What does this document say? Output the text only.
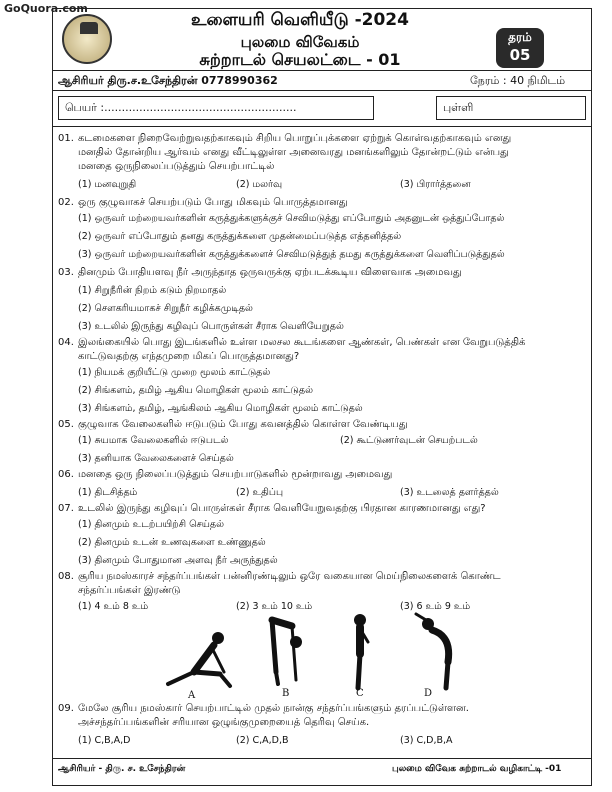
GoQuora.com
உளையரி வெளியீடு -2024
புலமை விவேகம்
சுற்றாடல் செயலட்டை - 01
தரம்
05
ஆசிரியர் திரு.ச.உசேந்திரன் 0778990362	நேரம் : 40 நிமிடம்
பெயர் :.......................................................	புள்ளி
01. கடமைகளை நிறைவேற்றுவதற்காகவும் சிறிய பொறுப்புக்களை ஏற்றுக் கொள்வதற்காகவும் எனது
மனதில் தோன்றிய ஆர்வம் எனது வீட்டிலுள்ள அனைவரது மனங்களிலும் தோன்றட்டும் என்பது
மனதை ஒருநிலைப்படுத்தும் செயற்பாட்டில்
(1) மனவுறுதி	(2) மலர்வு	(3) பிரார்த்தனை
02. ஒரு குழுவாகச் செயற்படும் போது மிகவும் பொருத்தமானது
(1) ஒருவர் மற்றையவர்களின் கருத்துக்களுக்குச் செவிமடுத்து எப்போதும் அதனுடன் ஒத்துப்போதல்
(2) ஒருவர் எப்போதும் தனது கருத்துக்களை முதன்மைப்படுத்த எத்தனித்தல்
(3) ஒருவர் மற்றையவர்களின் கருத்துக்களைச் செவிமடுத்துத் தமது கருத்துக்களை வெளிப்படுத்துதல்
03. தினமும் போதியளவு நீர் அருந்தாத ஒருவருக்கு ஏற்படக்கூடிய விளைவாக அமைவது
(1) சிறுநீரின் நிறம் கடும் நிறமாதல்
(2) சௌகரியமாகச் சிறுநீர் கழிக்கமுடிதல்
(3) உடலில் இருந்து கழிவுப் பொருள்கள் சீராக வெளியேறுதல்
04. இலங்கையில் பொது இடங்களில் உள்ள மலசல கூடங்களை ஆண்கள், பெண்கள் என வேறுபடுத்திக்
காட்டுவதற்கு எந்தமுறை மிகப் பொருத்தமானது?
(1) நியமக் குறியீட்டு முறை மூலம் காட்டுதல்
(2) சிங்களம், தமிழ் ஆகிய மொழிகள் மூலம் காட்டுதல்
(3) சிங்களம், தமிழ், ஆங்கிலம் ஆகிய மொழிகள் மூலம் காட்டுதல்
05. குழுவாக வேலைகளில் ஈடுபடும் போது கவனத்தில் கொள்ள வேண்டியது
(1) சுயமாக வேலைகளில் ஈடுபடல்	(2) கூட்டுணர்வுடன் செயற்படல்
(3) தனியாக வேலைகளைச் செய்தல்
06. மனதை ஒரு நிலைப்படுத்தும் செயற்பாடுகளில் மூன்றாவது அமைவது
(1) திடசித்தம்	(2) உதிப்பு	(3) உடலைத் தளர்த்தல்
07. உடலில் இருந்து கழிவுப் பொருள்கள் சீராக வெளியேறுவதற்கு பிரதான காரணமானது எது?
(1) தினமும் உடற்பயிற்சி செய்தல்
(2) தினமும் உடன் உணவுகளை உண்ணுதல்
(3) தினமும் போதுமான அளவு நீர் அருந்துதல்
08. சூரிய நமஸ்காரச் சந்தர்ப்பங்கள் பன்னிரண்டிலும் ஒரே வகையான மெய்நிலைகளைக் கொண்ட
சந்தர்ப்பங்கள் இரண்டு
(1) 4 உம் 8 உம்	(2) 3 உம் 10 உம்	(3) 6 உம் 9 உம்
A	B	C	D
09. மேலே சூரிய நமஸ்கார் செயற்பாட்டில் முதல் நான்கு சந்தர்ப்பங்களும் தரப்பட்டுள்ளன.
அச்சந்தர்ப்பங்களின் சரியான ஒழுங்குமுறையைத் தெரிவு செய்க.
(1) C,B,A,D	(2) C,A,D,B	(3) C,D,B,A
ஆசிரியர் - திரு. ச. உசேந்திரன்	புலமை விவேக சுற்றாடல் வழிகாட்டி -01
